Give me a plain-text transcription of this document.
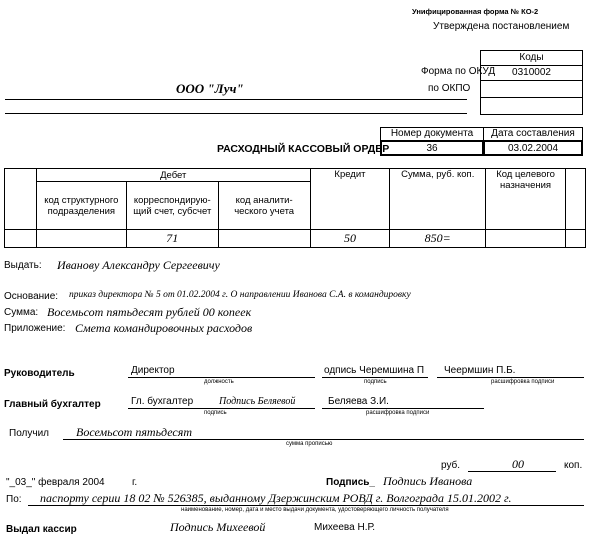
Унифицированная форма № КО-2
Утверждена постановлением
Коды
Форма по ОКУД	0310002
по ОКПО
ООО "Луч"
Номер документа	Дата составления
РАСХОДНЫЙ КАССОВЫЙ ОРДЕР	36	03.02.2004
	Дебет			Кредит	Сумма, руб. коп.	Код целевого назначения	
	код структурного подразделения	корреспондирую-щий счет, субсчет	код аналити-ческого учета				
		71		50	850=		
Выдать: Иванову Александру Сергеевичу
Основание: приказ директора № 5 от 01.02.2004 г. О направлении Иванова С.А. в командировку
Сумма: Восемьсот пятьдесят рублей 00 копеек
Приложение: Смета командировочных расходов
Руководитель	Директор
должность
одпись Черемшина П
подпись
Чеермшин П.Б.
расшифровка подписи
Главный бухгалтер	Гл. бухгалтер	Подпись Беляевой
подпись
Беляева З.И.
расшифровка подписи
Получил Восемьсот пятьдесят
сумма прописью
руб.	00	коп.
"_03_" февраля 2004	г.	Подпись_ Подпись Иванова
По: паспорту серии 18 02 № 526385, выданному Дзержинским РОВД г. Волгограда 15.01.2002 г.
наименование, номер, дата и место выдачи документа, удостоверяющего личность получателя
Выдал кассир	Подпись Михеевой	Михеева Н.Р.
